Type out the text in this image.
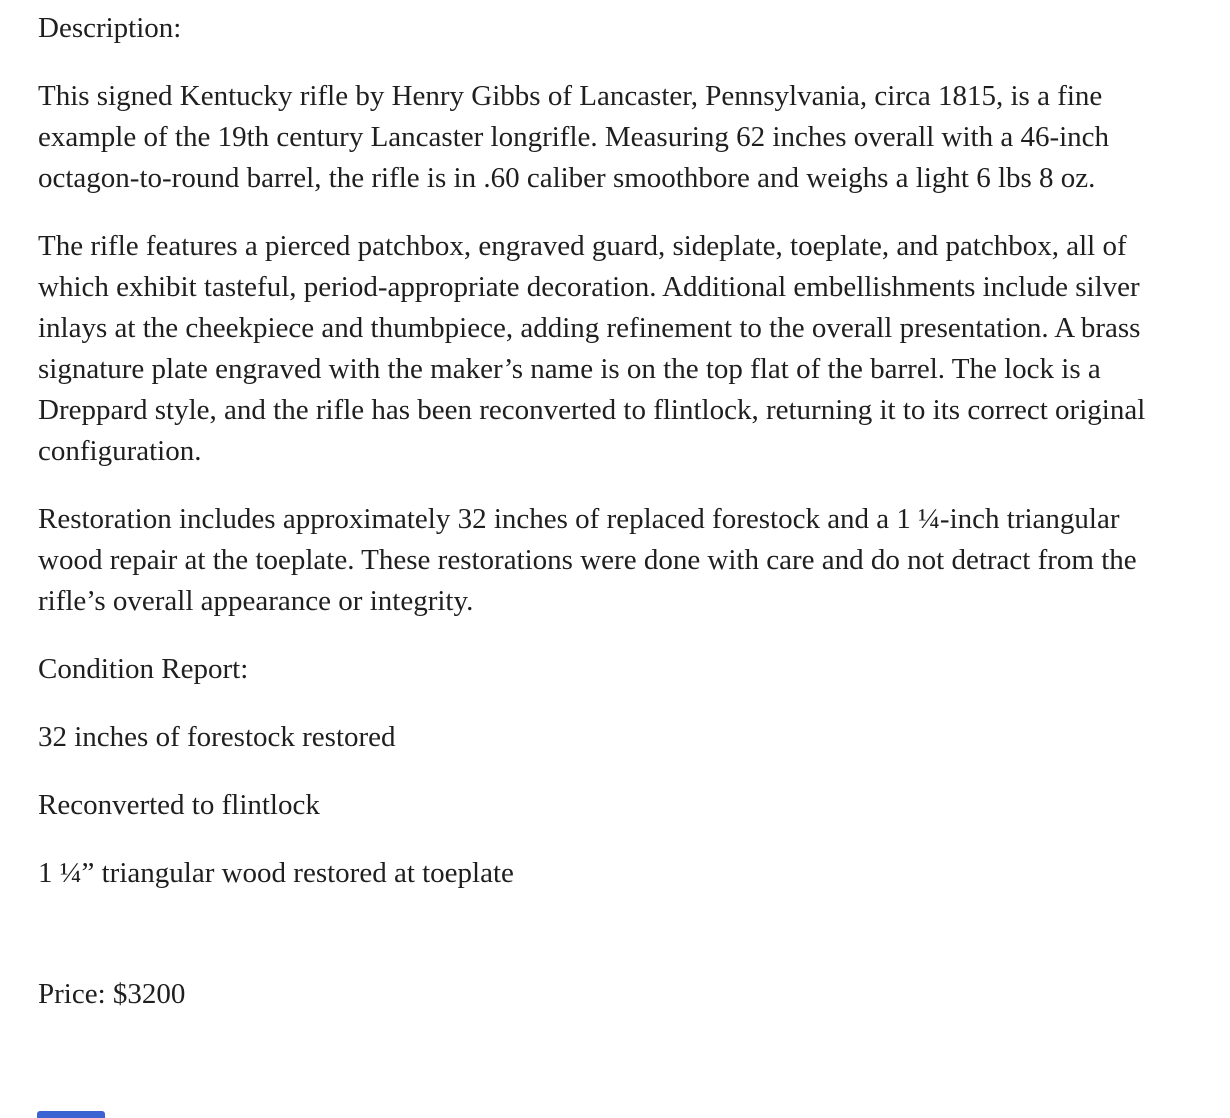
Description:

This signed Kentucky rifle by Henry Gibbs of Lancaster, Pennsylvania, circa 1815, is a fine example of the 19th century Lancaster longrifle. Measuring 62 inches overall with a 46-inch octagon-to-round barrel, the rifle is in .60 caliber smoothbore and weighs a light 6 lbs 8 oz.

The rifle features a pierced patchbox, engraved guard, sideplate, toeplate, and patchbox, all of which exhibit tasteful, period-appropriate decoration. Additional embellishments include silver inlays at the cheekpiece and thumbpiece, adding refinement to the overall presentation. A brass signature plate engraved with the maker’s name is on the top flat of the barrel. The lock is a Dreppard style, and the rifle has been reconverted to flintlock, returning it to its correct original configuration.

Restoration includes approximately 32 inches of replaced forestock and a 1 ¼-inch triangular wood repair at the toeplate. These restorations were done with care and do not detract from the rifle’s overall appearance or integrity.

Condition Report:

32 inches of forestock restored

Reconverted to flintlock

1 ¼” triangular wood restored at toeplate

Price: $3200
